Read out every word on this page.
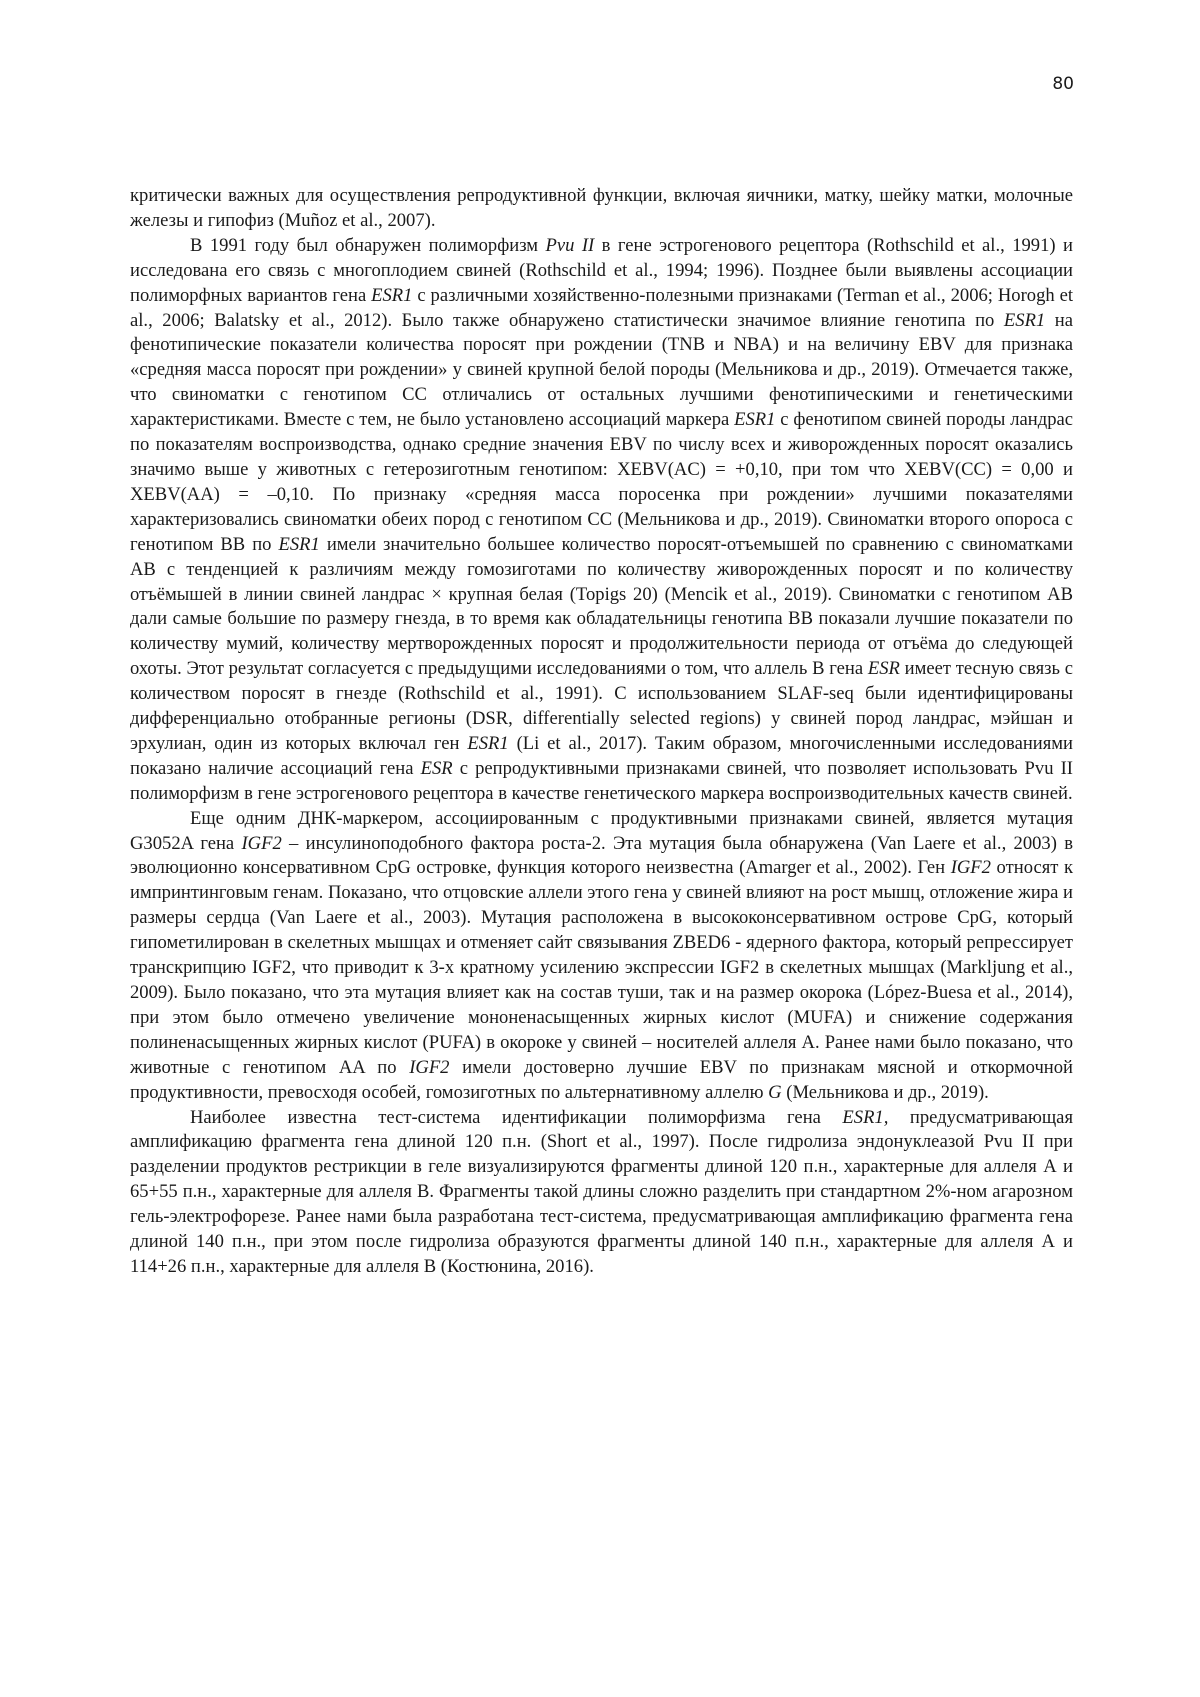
80

критически важных для осуществления репродуктивной функции, включая яичники, матку, шейку матки, молочные железы и гипофиз (Muñoz et al., 2007).

В 1991 году был обнаружен полиморфизм Pvu II в гене эстрогенового рецептора (Rothschild et al., 1991) и исследована его связь с многоплодием свиней (Rothschild et al., 1994; 1996). Позднее были выявлены ассоциации полиморфных вариантов гена ESR1 с различными хозяйственно-полезными признаками (Terman et al., 2006; Horogh et al., 2006; Balatsky et al., 2012). Было также обнаружено статистически значимое влияние генотипа по ESR1 на фенотипические показатели количества поросят при рождении (TNB и NBA) и на величину EBV для признака «средняя масса поросят при рождении» у свиней крупной белой породы (Мельникова и др., 2019). Отмечается также, что свиноматки с генотипом CC отличались от остальных лучшими фенотипическими и генетическими характеристиками. Вместе с тем, не было установлено ассоциаций маркера ESR1 с фенотипом свиней породы ландрас по показателям воспроизводства, однако средние значения EBV по числу всех и живорожденных поросят оказались значимо выше у животных с гетерозиготным генотипом: XEBV(AC) = +0,10, при том что XEBV(CC) = 0,00 и XEBV(AA) = –0,10. По признаку «средняя масса поросенка при рождении» лучшими показателями характеризовались свиноматки обеих пород с генотипом СС (Мельникова и др., 2019). Свиноматки второго опороса с генотипом BB по ESR1 имели значительно большее количество поросят-отъемышей по сравнению с свиноматками AB с тенденцией к различиям между гомозиготами по количеству живорожденных поросят и по количеству отъёмышей в линии свиней ландрас × крупная белая (Topigs 20) (Mencik et al., 2019). Свиноматки с генотипом AB дали самые большие по размеру гнезда, в то время как обладательницы генотипа BB показали лучшие показатели по количеству мумий, количеству мертворожденных поросят и продолжительности периода от отъёма до следующей охоты. Этот результат согласуется с предыдущими исследованиями о том, что аллель B гена ESR имеет тесную связь с количеством поросят в гнезде (Rothschild et al., 1991). С использованием SLAF-seq были идентифицированы дифференциально отобранные регионы (DSR, differentially selected regions) у свиней пород ландрас, мэйшан и эрхулиан, один из которых включал ген ESR1 (Li et al., 2017). Таким образом, многочисленными исследованиями показано наличие ассоциаций гена ESR с репродуктивными признаками свиней, что позволяет использовать Pvu II полиморфизм в гене эстрогенового рецептора в качестве генетического маркера воспроизводительных качеств свиней.

Еще одним ДНК-маркером, ассоциированным с продуктивными признаками свиней, является мутация G3052A гена IGF2 – инсулиноподобного фактора роста-2. Эта мутация была обнаружена (Van Laere et al., 2003) в эволюционно консервативном CpG островке, функция которого неизвестна (Amarger et al., 2002). Ген IGF2 относят к импринтинговым генам. Показано, что отцовские аллели этого гена у свиней влияют на рост мышц, отложение жира и размеры сердца (Van Laere et al., 2003). Мутация расположена в высококонсервативном острове CpG, который гипометилирован в скелетных мышцах и отменяет сайт связывания ZBED6 - ядерного фактора, который репрессирует транскрипцию IGF2, что приводит к 3-х кратному усилению экспрессии IGF2 в скелетных мышцах (Markljung et al., 2009). Было показано, что эта мутация влияет как на состав туши, так и на размер окорока (López-Buesa et al., 2014), при этом было отмечено увеличение мононенасыщенных жирных кислот (MUFA) и снижение содержания полиненасыщенных жирных кислот (PUFA) в окороке у свиней – носителей аллеля А. Ранее нами было показано, что животные с генотипом AA по IGF2 имели достоверно лучшие EBV по признакам мясной и откормочной продуктивности, превосходя особей, гомозиготных по альтернативному аллелю G (Мельникова и др., 2019).

Наиболее известна тест-система идентификации полиморфизма гена ESR1, предусматривающая амплификацию фрагмента гена длиной 120 п.н. (Short et al., 1997). После гидролиза эндонуклеазой Pvu II при разделении продуктов рестрикции в геле визуализируются фрагменты длиной 120 п.н., характерные для аллеля А и 65+55 п.н., характерные для аллеля В. Фрагменты такой длины сложно разделить при стандартном 2%-ном агарозном гель-электрофорезе. Ранее нами была разработана тест-система, предусматривающая амплификацию фрагмента гена длиной 140 п.н., при этом после гидролиза образуются фрагменты длиной 140 п.н., характерные для аллеля А и 114+26 п.н., характерные для аллеля В (Костюнина, 2016).
